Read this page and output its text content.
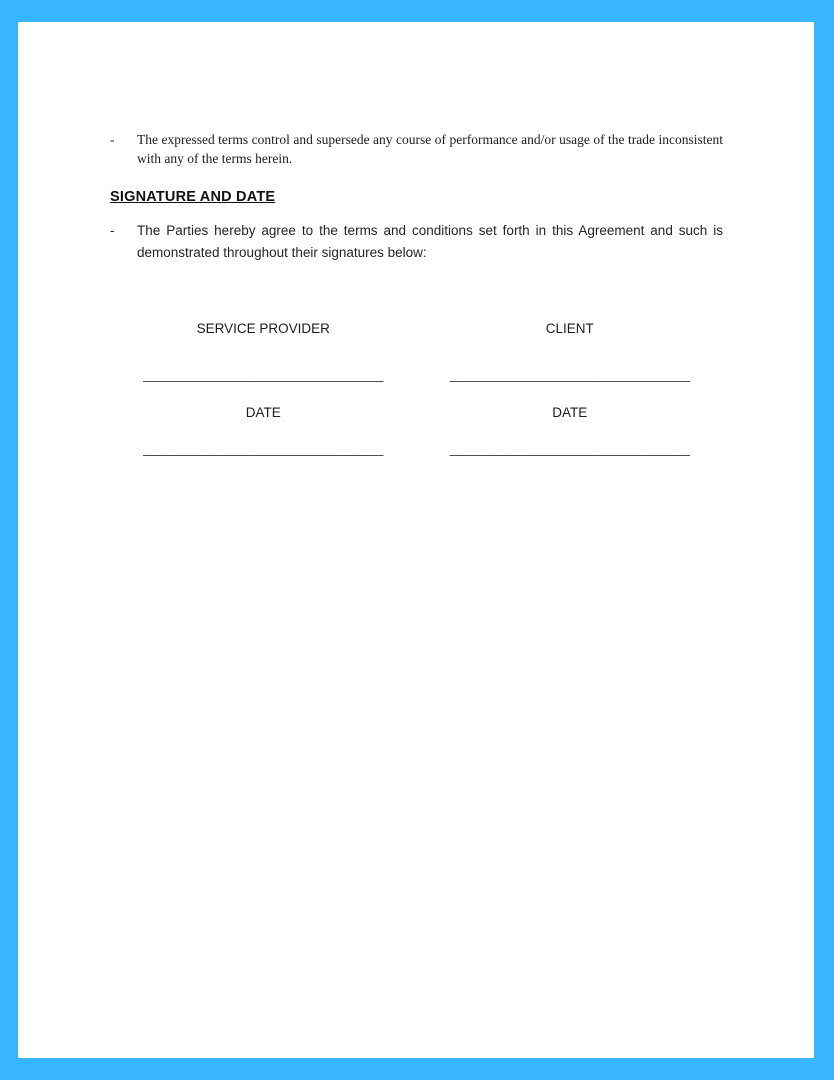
-	The expressed terms control and supersede any course of performance and/or usage of the trade inconsistent with any of the terms herein.
SIGNATURE AND DATE
-	The Parties hereby agree to the terms and conditions set forth in this Agreement and such is demonstrated throughout their signatures below:
SERVICE PROVIDER
________________________________
DATE
________________________________
CLIENT
________________________________
DATE
________________________________
